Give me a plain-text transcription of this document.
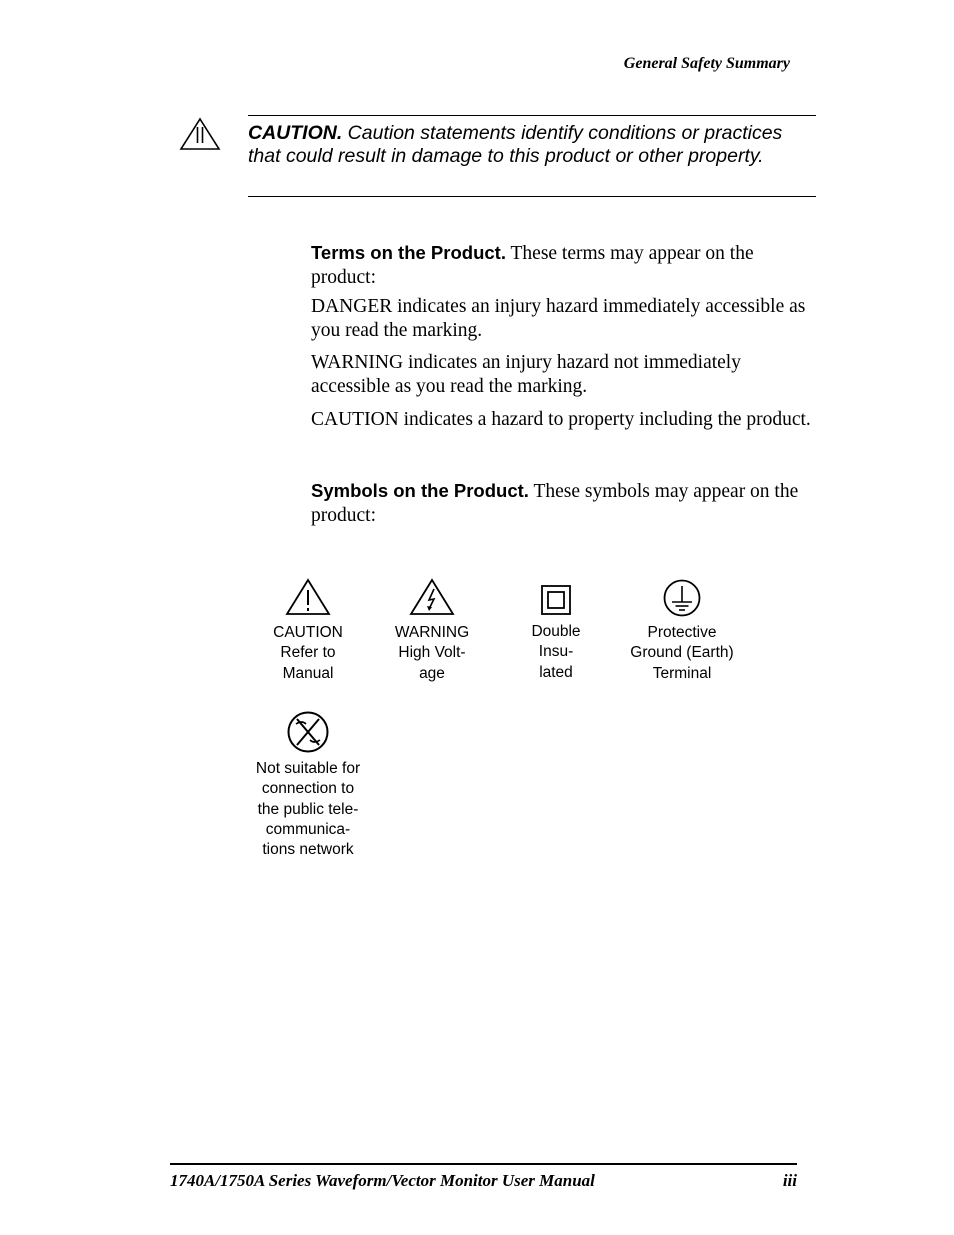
General Safety Summary
CAUTION. Caution statements identify conditions or practices that could result in damage to this product or other property.
Terms on the Product. These terms may appear on the product:
DANGER indicates an injury hazard immediately accessible as you read the marking.
WARNING indicates an injury hazard not immediately accessible as you read the marking.
CAUTION indicates a hazard to property including the product.
Symbols on the Product. These symbols may appear on the product:
CAUTION
Refer to
Manual
WARNING
High Volt-
age
Double
Insu-
lated
Protective
Ground (Earth)
Terminal
Not suitable for
connection to
the public tele-
communica-
tions network
1740A/1750A Series Waveform/Vector Monitor User Manual	iii
